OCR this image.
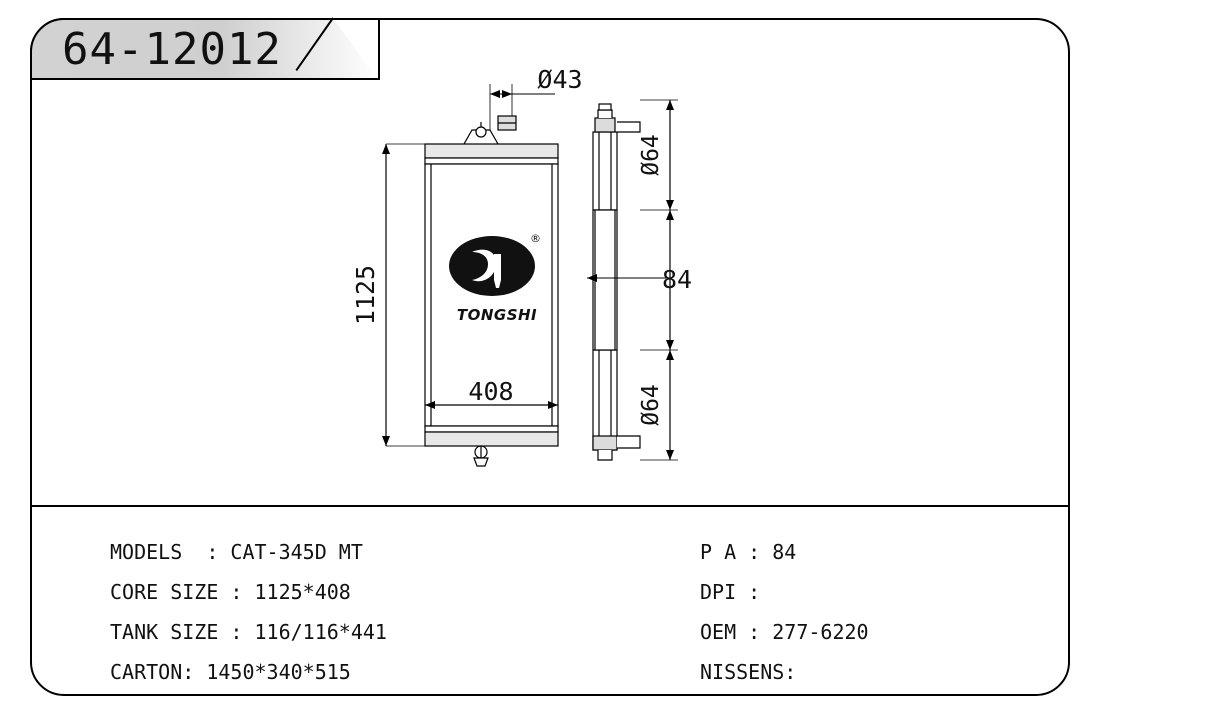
64-12012
1125
408
Ø43
Ø64
84
Ø64
®
TONGSHI
MODELS  : CAT-345D MT	P A : 84
CORE SIZE : 1125*408	DPI :
TANK SIZE : 116/116*441	OEM : 277-6220
CARTON: 1450*340*515	NISSENS:
